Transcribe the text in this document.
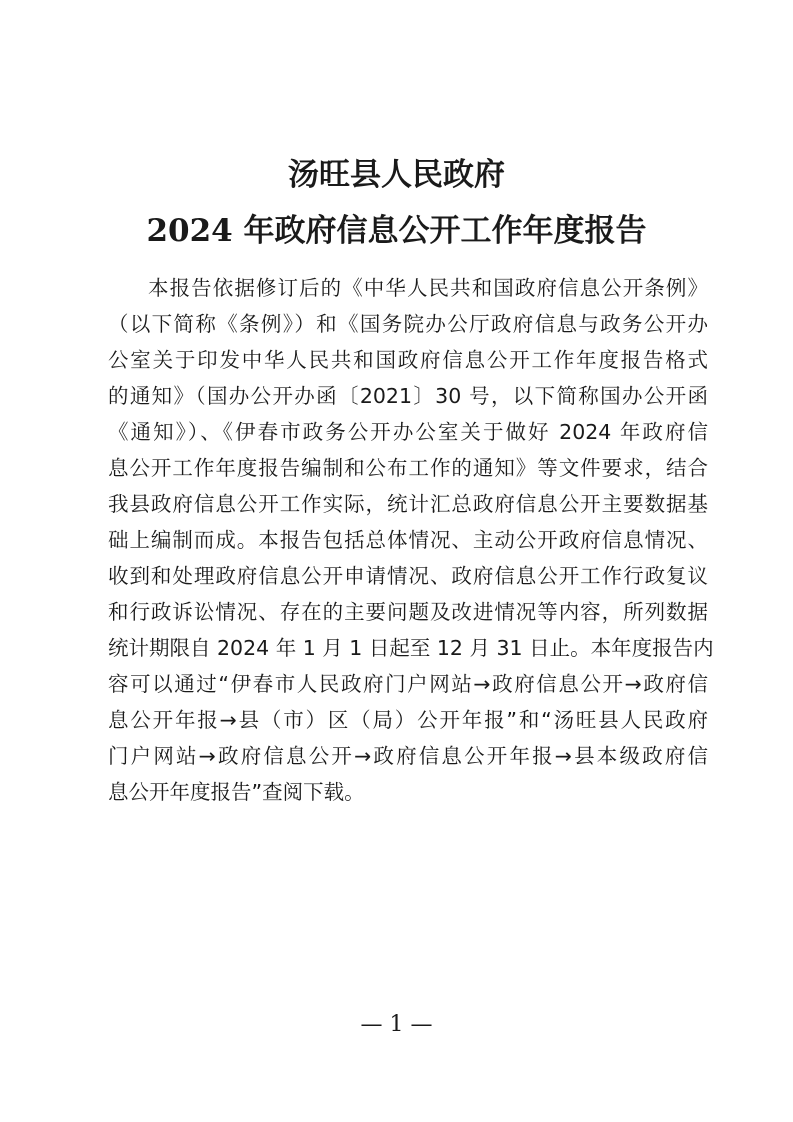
汤旺县人民政府
2024 年政府信息公开工作年度报告
本报告依据修订后的《中华人民共和国政府信息公开条例》
（以下简称《条例》）和《国务院办公厅政府信息与政务公开办
公室关于印发中华人民共和国政府信息公开工作年度报告格式
的通知》（国办公开办函〔2021〕30 号，以下简称国办公开函
《通知》）、《伊春市政务公开办公室关于做好 2024 年政府信
息公开工作年度报告编制和公布工作的通知》等文件要求，结合
我县政府信息公开工作实际，统计汇总政府信息公开主要数据基
础上编制而成。本报告包括总体情况、主动公开政府信息情况、
收到和处理政府信息公开申请情况、政府信息公开工作行政复议
和行政诉讼情况、存在的主要问题及改进情况等内容，所列数据
统计期限自 2024 年 1 月 1 日起至 12 月 31 日止。本年度报告内
容可以通过“伊春市人民政府门户网站→政府信息公开→政府信
息公开年报→县（市）区（局）公开年报”和“汤旺县人民政府
门户网站→政府信息公开→政府信息公开年报→县本级政府信
息公开年度报告”查阅下载。
— 1 —
